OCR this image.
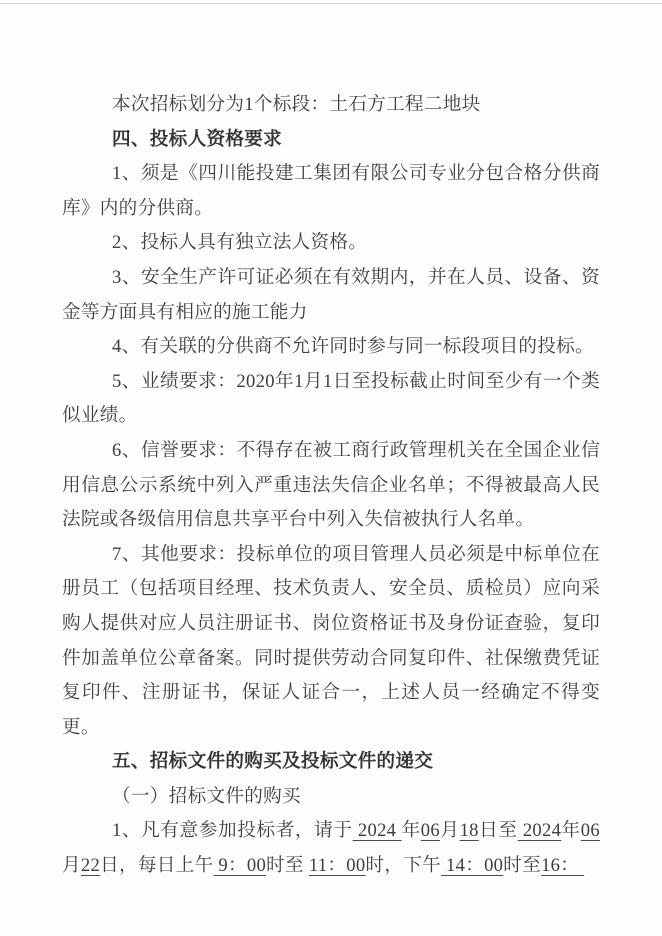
本次招标划分为1个标段：土石方工程二地块

四、投标人资格要求

1、须是《四川能投建工集团有限公司专业分包合格分供商库》内的分供商。

2、投标人具有独立法人资格。

3、安全生产许可证必须在有效期内，并在人员、设备、资金等方面具有相应的施工能力

4、有关联的分供商不允许同时参与同一标段项目的投标。

5、业绩要求：2020年1月1日至投标截止时间至少有一个类似业绩。

6、信誉要求：不得存在被工商行政管理机关在全国企业信用信息公示系统中列入严重违法失信企业名单；不得被最高人民法院或各级信用信息共享平台中列入失信被执行人名单。

7、其他要求：投标单位的项目管理人员必须是中标单位在册员工（包括项目经理、技术负责人、安全员、质检员）应向采购人提供对应人员注册证书、岗位资格证书及身份证查验，复印件加盖单位公章备案。同时提供劳动合同复印件、社保缴费凭证复印件、注册证书，保证人证合一，上述人员一经确定不得变更。

五、招标文件的购买及投标文件的递交

（一）招标文件的购买

1、凡有意参加投标者，请于 2024 年06月18日至 2024年06月22日，每日上午 9：00时至 11：00时，下午 14：00时至16：
